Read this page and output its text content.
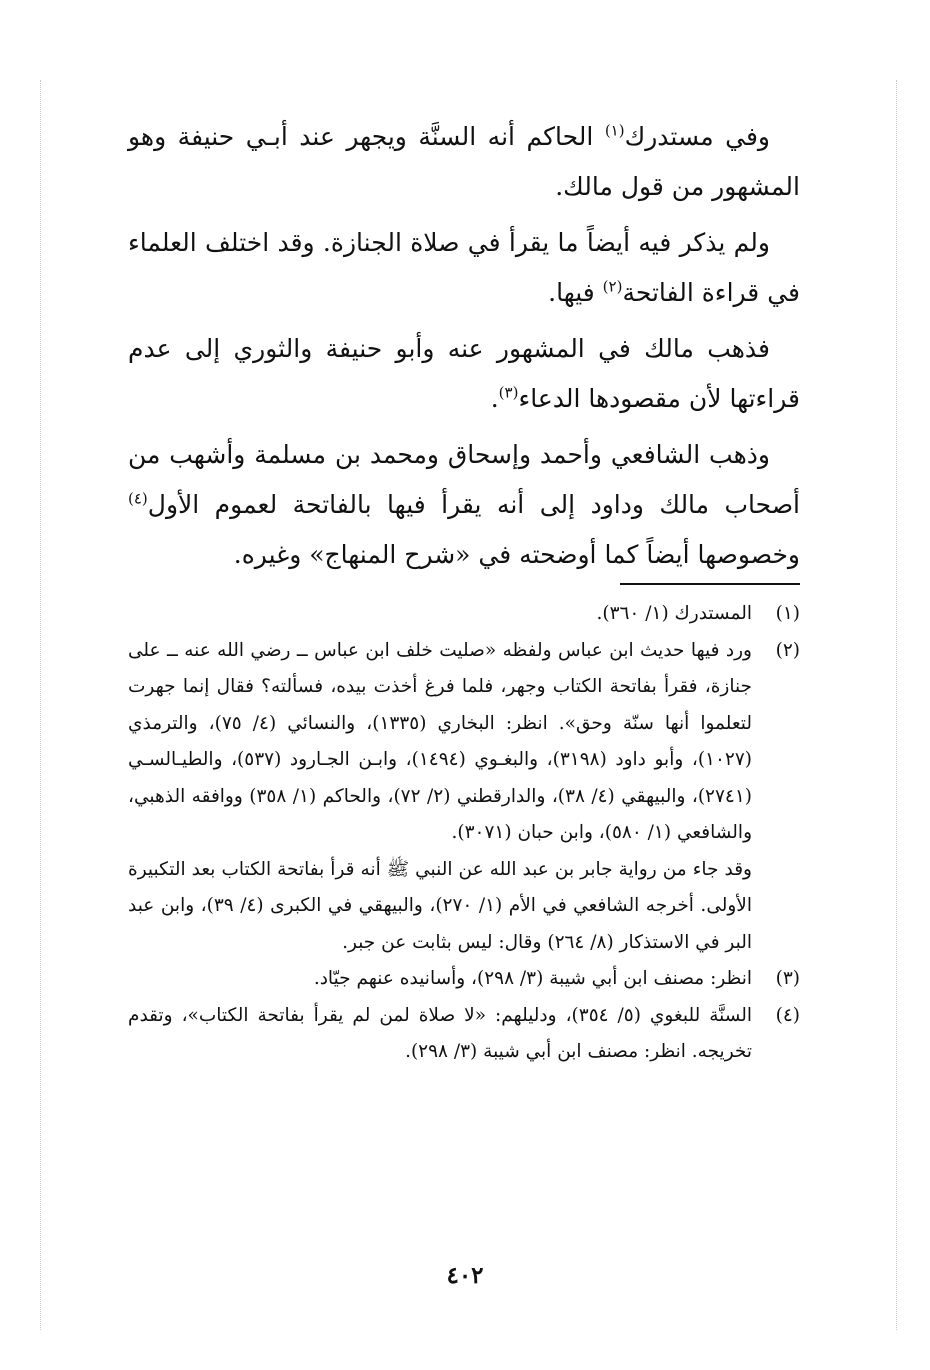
وفي مستدرك$^{(١)}$ الحاكم أنه السنَّة ويجهر عند أبـي حنيفة وهو المشهور من قول مالك.

ولم يذكر فيه أيضاً ما يقرأ في صلاة الجنازة. وقد اختلف العلماء في قراءة الفاتحة$^{(٢)}$ فيها.

فذهب مالك في المشهور عنه وأبو حنيفة والثوري إلى عدم قراءتها لأن مقصودها الدعاء$^{(٣)}$.

وذهب الشافعي وأحمد وإسحاق ومحمد بن مسلمة وأشهب من أصحاب مالك وداود إلى أنه يقرأ فيها بالفاتحة لعموم الأول$^{(٤)}$ وخصوصها أيضاً كما أوضحته في «شرح المنهاج» وغيره.

(١)
المستدرك (١/ ٣٦٠).
(٢)
ورد فيها حديث ابن عباس ولفظه «صليت خلف ابن عباس ــ رضي الله عنه ــ على جنازة، فقرأ بفاتحة الكتاب وجهر، فلما فرغ أخذت بيده، فسألته؟ فقال إنما جهرت لتعلموا أنها سنّة وحق». انظر: البخاري (١٣٣٥)، والنسائي (٤/ ٧٥)، والترمذي (١٠٢٧)، وأبو داود (٣١٩٨)، والبغـوي (١٤٩٤)، وابـن الجـارود (٥٣٧)، والطيـالسـي (٢٧٤١)، والبيهقي (٤/ ٣٨)، والدارقطني (٢/ ٧٢)، والحاكم (١/ ٣٥٨) ووافقه الذهبي، والشافعي (١/ ٥٨٠)، وابن حبان (٣٠٧١).
وقد جاء من رواية جابر بن عبد الله عن النبي ﷺ أنه قرأ بفاتحة الكتاب بعد التكبيرة الأولى. أخرجه الشافعي في الأم (١/ ٢٧٠)، والبيهقي في الكبرى (٤/ ٣٩)، وابن عبد البر في الاستذكار (٨/ ٢٦٤) وقال: ليس بثابت عن جبر.
(٣)
انظر: مصنف ابن أبي شيبة (٣/ ٢٩٨)، وأسانيده عنهم جيّاد.
(٤)
السنَّة للبغوي (٥/ ٣٥٤)، ودليلهم: «لا صلاة لمن لم يقرأ بفاتحة الكتاب»، وتقدم تخريجه. انظر: مصنف ابن أبي شيبة (٣/ ٢٩٨).
٤٠٢
